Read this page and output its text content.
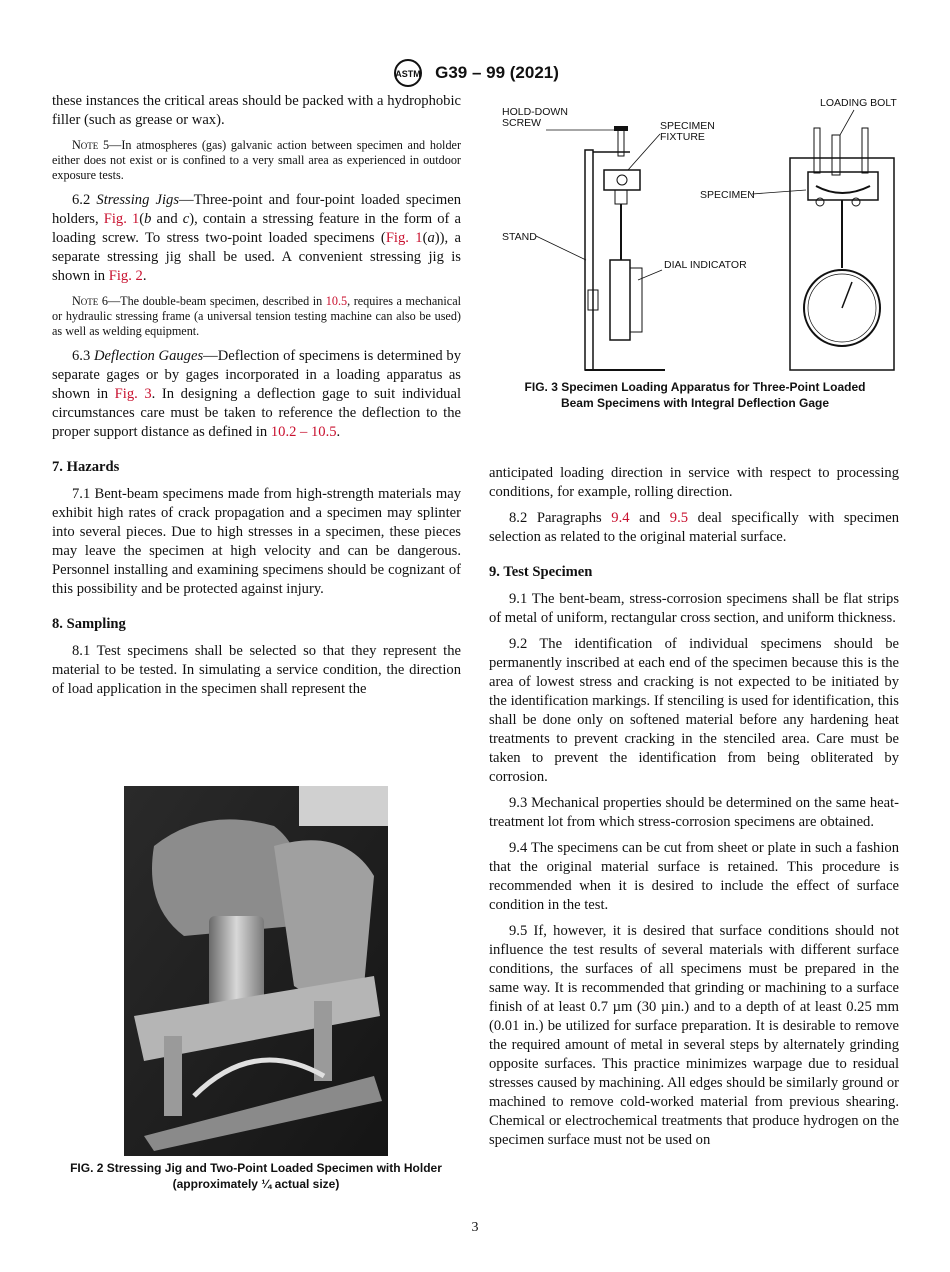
ASTM G39 – 99 (2021)

these instances the critical areas should be packed with a hydrophobic filler (such as grease or wax).

Note 5—In atmospheres (gas) galvanic action between specimen and holder either does not exist or is confined to a very small area as experienced in outdoor exposure tests.

6.2 Stressing Jigs—Three-point and four-point loaded specimen holders, Fig. 1(b and c), contain a stressing feature in the form of a loading screw. To stress two-point loaded specimens (Fig. 1(a)), a separate stressing jig shall be used. A convenient stressing jig is shown in Fig. 2.

Note 6—The double-beam specimen, described in 10.5, requires a mechanical or hydraulic stressing frame (a universal tension testing machine can also be used) as well as welding equipment.

6.3 Deflection Gauges—Deflection of specimens is determined by separate gages or by gages incorporated in a loading apparatus as shown in Fig. 3. In designing a deflection gage to suit individual circumstances care must be taken to reference the deflection to the proper support distance as defined in 10.2 – 10.5.

7. Hazards

7.1 Bent-beam specimens made from high-strength materials may exhibit high rates of crack propagation and a specimen may splinter into several pieces. Due to high stresses in a specimen, these pieces may leave the specimen at high velocity and can be dangerous. Personnel installing and examining specimens should be cognizant of this possibility and be protected against injury.

8. Sampling

8.1 Test specimens shall be selected so that they represent the material to be tested. In simulating a service condition, the direction of load application in the specimen shall represent the

HOLD-DOWN
SCREW	SPECIMEN
FIXTURE
LOADING BOLT
SPECIMEN
STAND
DIAL INDICATOR
FIG. 3 Specimen Loading Apparatus for Three-Point Loaded
Beam Specimens with Integral Deflection Gage
FIG. 2 Stressing Jig and Two-Point Loaded Specimen with Holder
(approximately ¼ actual size)

anticipated loading direction in service with respect to processing conditions, for example, rolling direction.

8.2 Paragraphs 9.4 and 9.5 deal specifically with specimen selection as related to the original material surface.

9. Test Specimen

9.1 The bent-beam, stress-corrosion specimens shall be flat strips of metal of uniform, rectangular cross section, and uniform thickness.

9.2 The identification of individual specimens should be permanently inscribed at each end of the specimen because this is the area of lowest stress and cracking is not expected to be initiated by the identification markings. If stenciling is used for identification, this shall be done only on softened material before any hardening heat treatments to prevent cracking in the stenciled area. Care must be taken to prevent the identification from being obliterated by corrosion.

9.3 Mechanical properties should be determined on the same heat-treatment lot from which stress-corrosion specimens are obtained.

9.4 The specimens can be cut from sheet or plate in such a fashion that the original material surface is retained. This procedure is recommended when it is desired to include the effect of surface condition in the test.

9.5 If, however, it is desired that surface conditions should not influence the test results of several materials with different surface conditions, the surfaces of all specimens must be prepared in the same way. It is recommended that grinding or machining to a surface finish of at least 0.7 µm (30 µin.) and to a depth of at least 0.25 mm (0.01 in.) be utilized for surface preparation. It is desirable to remove the required amount of metal in several steps by alternately grinding opposite surfaces. This practice minimizes warpage due to residual stresses caused by machining. All edges should be similarly ground or machined to remove cold-worked material from previous shearing. Chemical or electrochemical treatments that produce hydrogen on the specimen surface must not be used on

3
